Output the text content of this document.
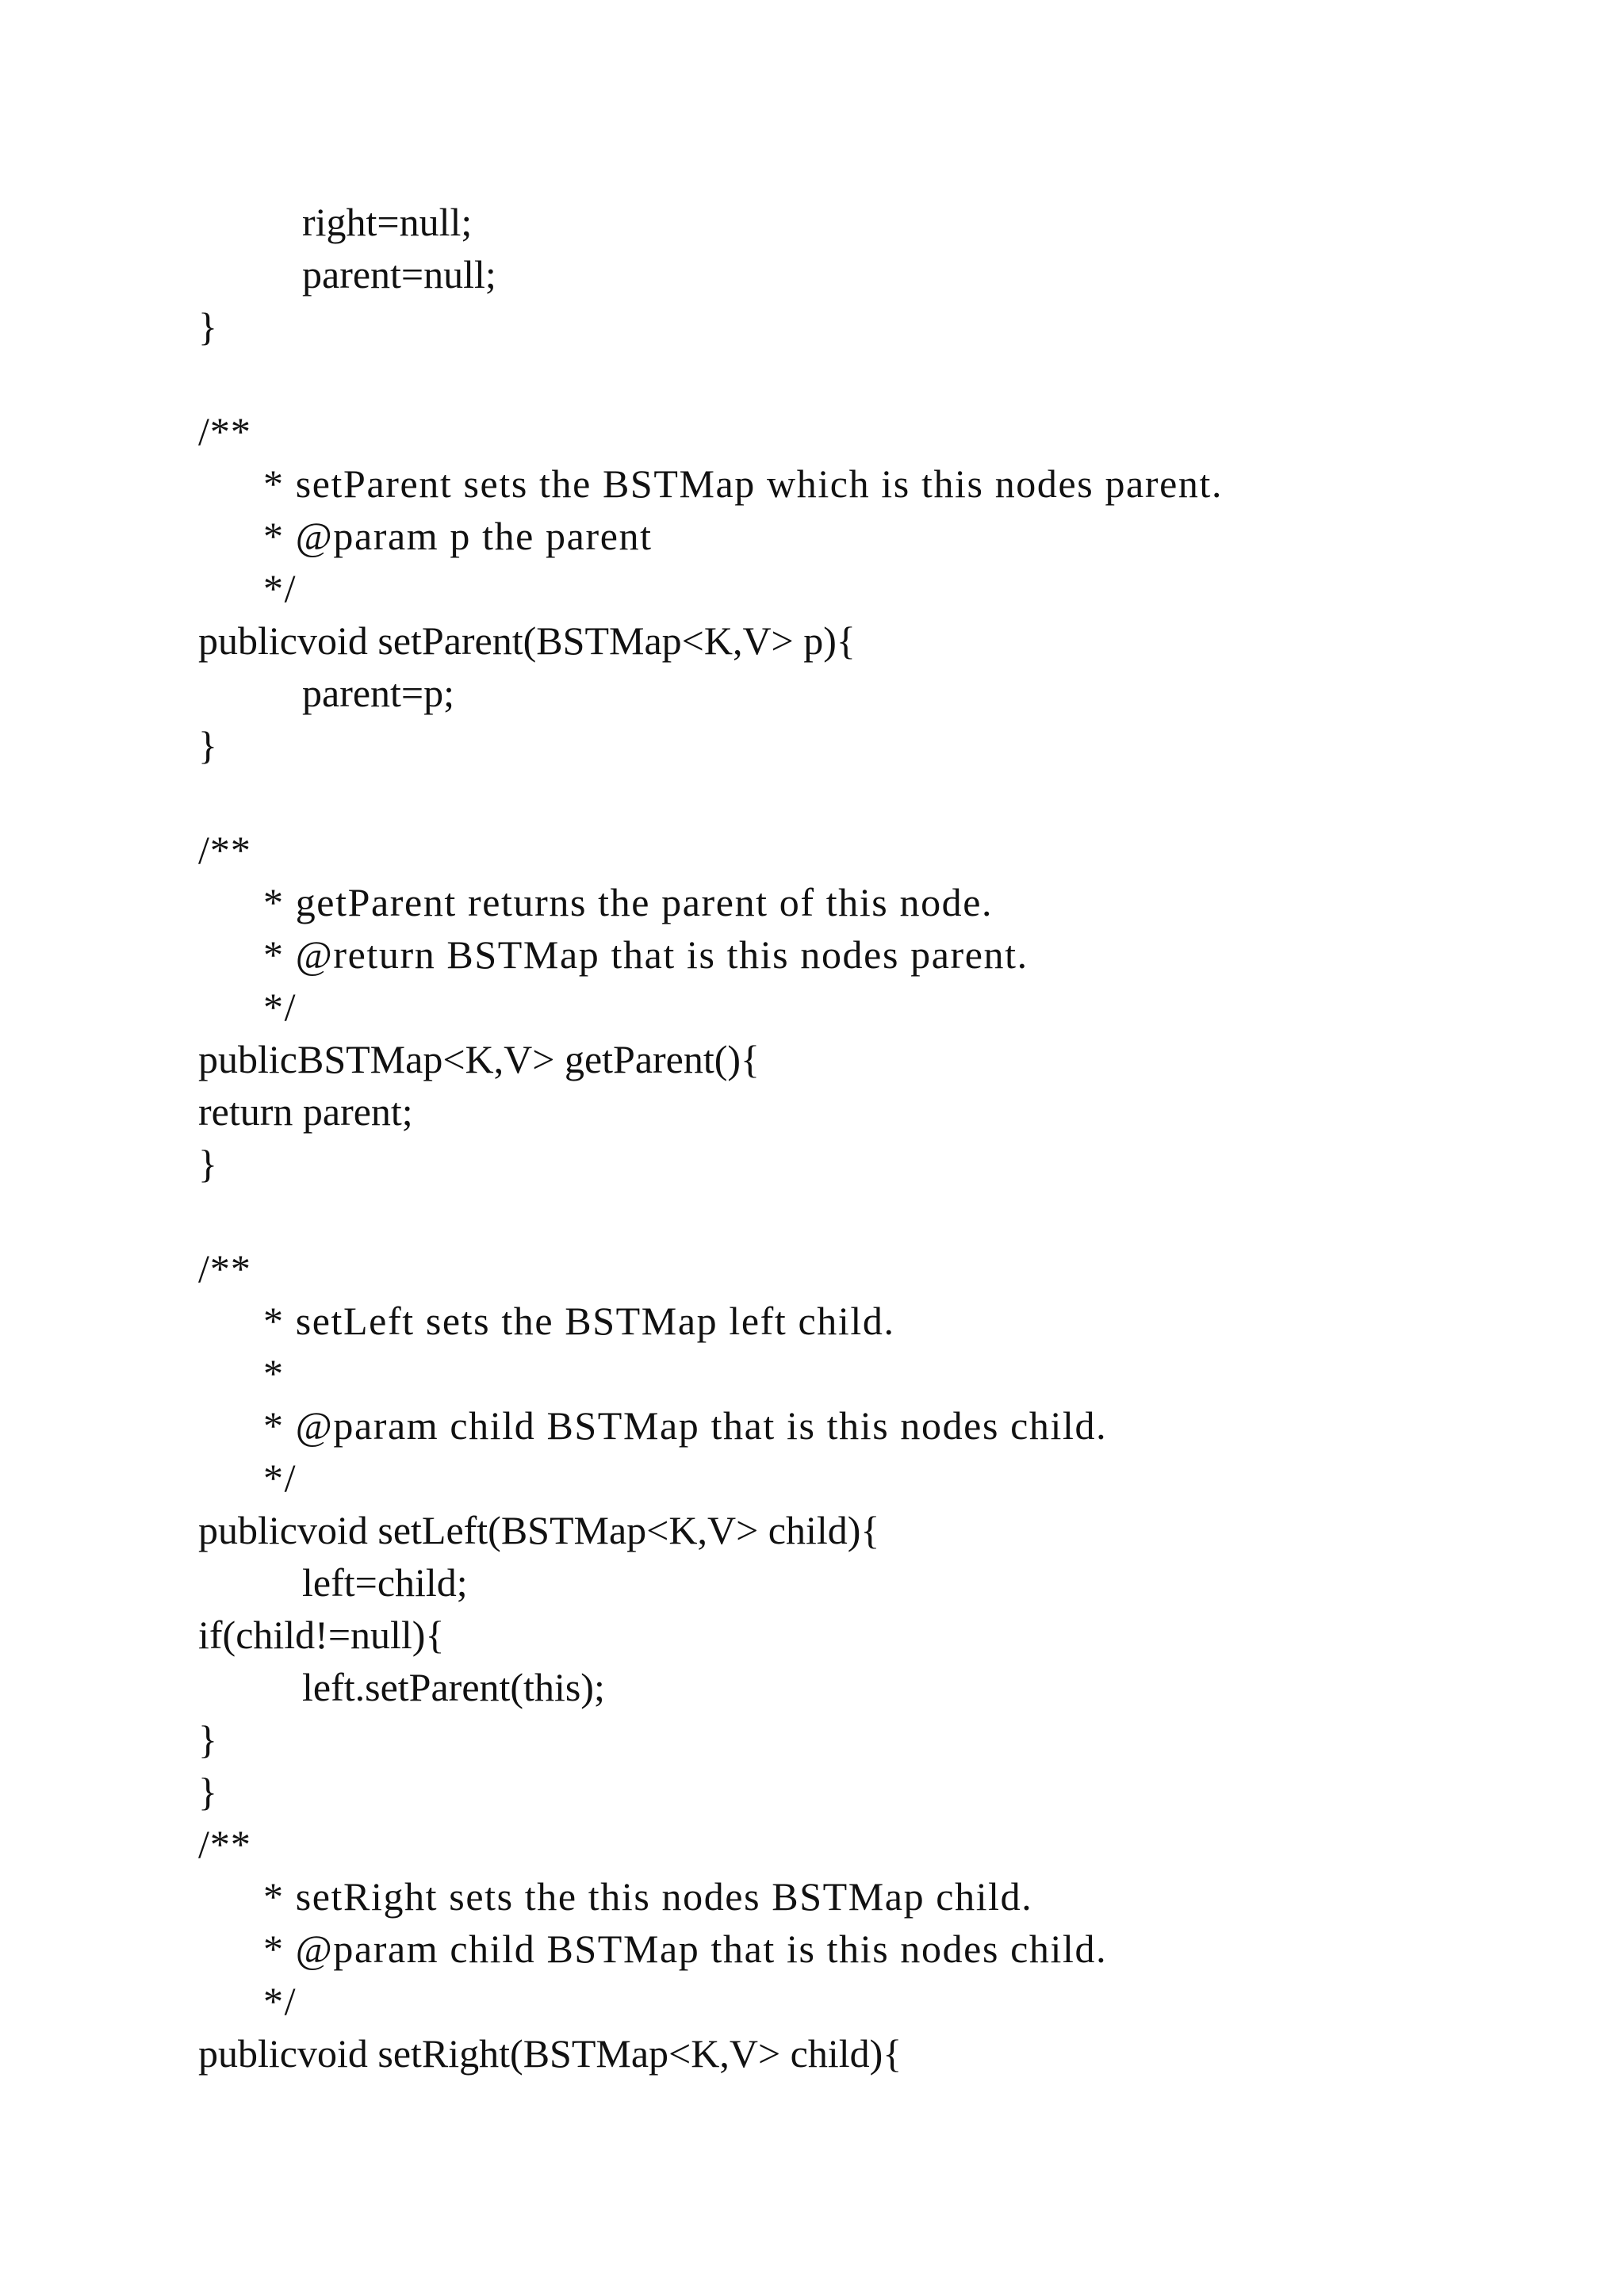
right=null;
parent=null;
}
/**
* setParent sets the BSTMap which is this nodes parent.
* @param p the parent
*/
publicvoid setParent(BSTMap<K,V> p){
parent=p;
}
/**
* getParent returns the parent of this node.
* @return BSTMap that is this nodes parent.
*/
publicBSTMap<K,V> getParent(){
return parent;
}
/**
* setLeft sets the BSTMap left child.
*
* @param child BSTMap that is this nodes child.
*/
publicvoid setLeft(BSTMap<K,V> child){
left=child;
if(child!=null){
left.setParent(this);
}
}
/**
* setRight sets the this nodes BSTMap child.
* @param child BSTMap that is this nodes child.
*/
publicvoid setRight(BSTMap<K,V> child){
